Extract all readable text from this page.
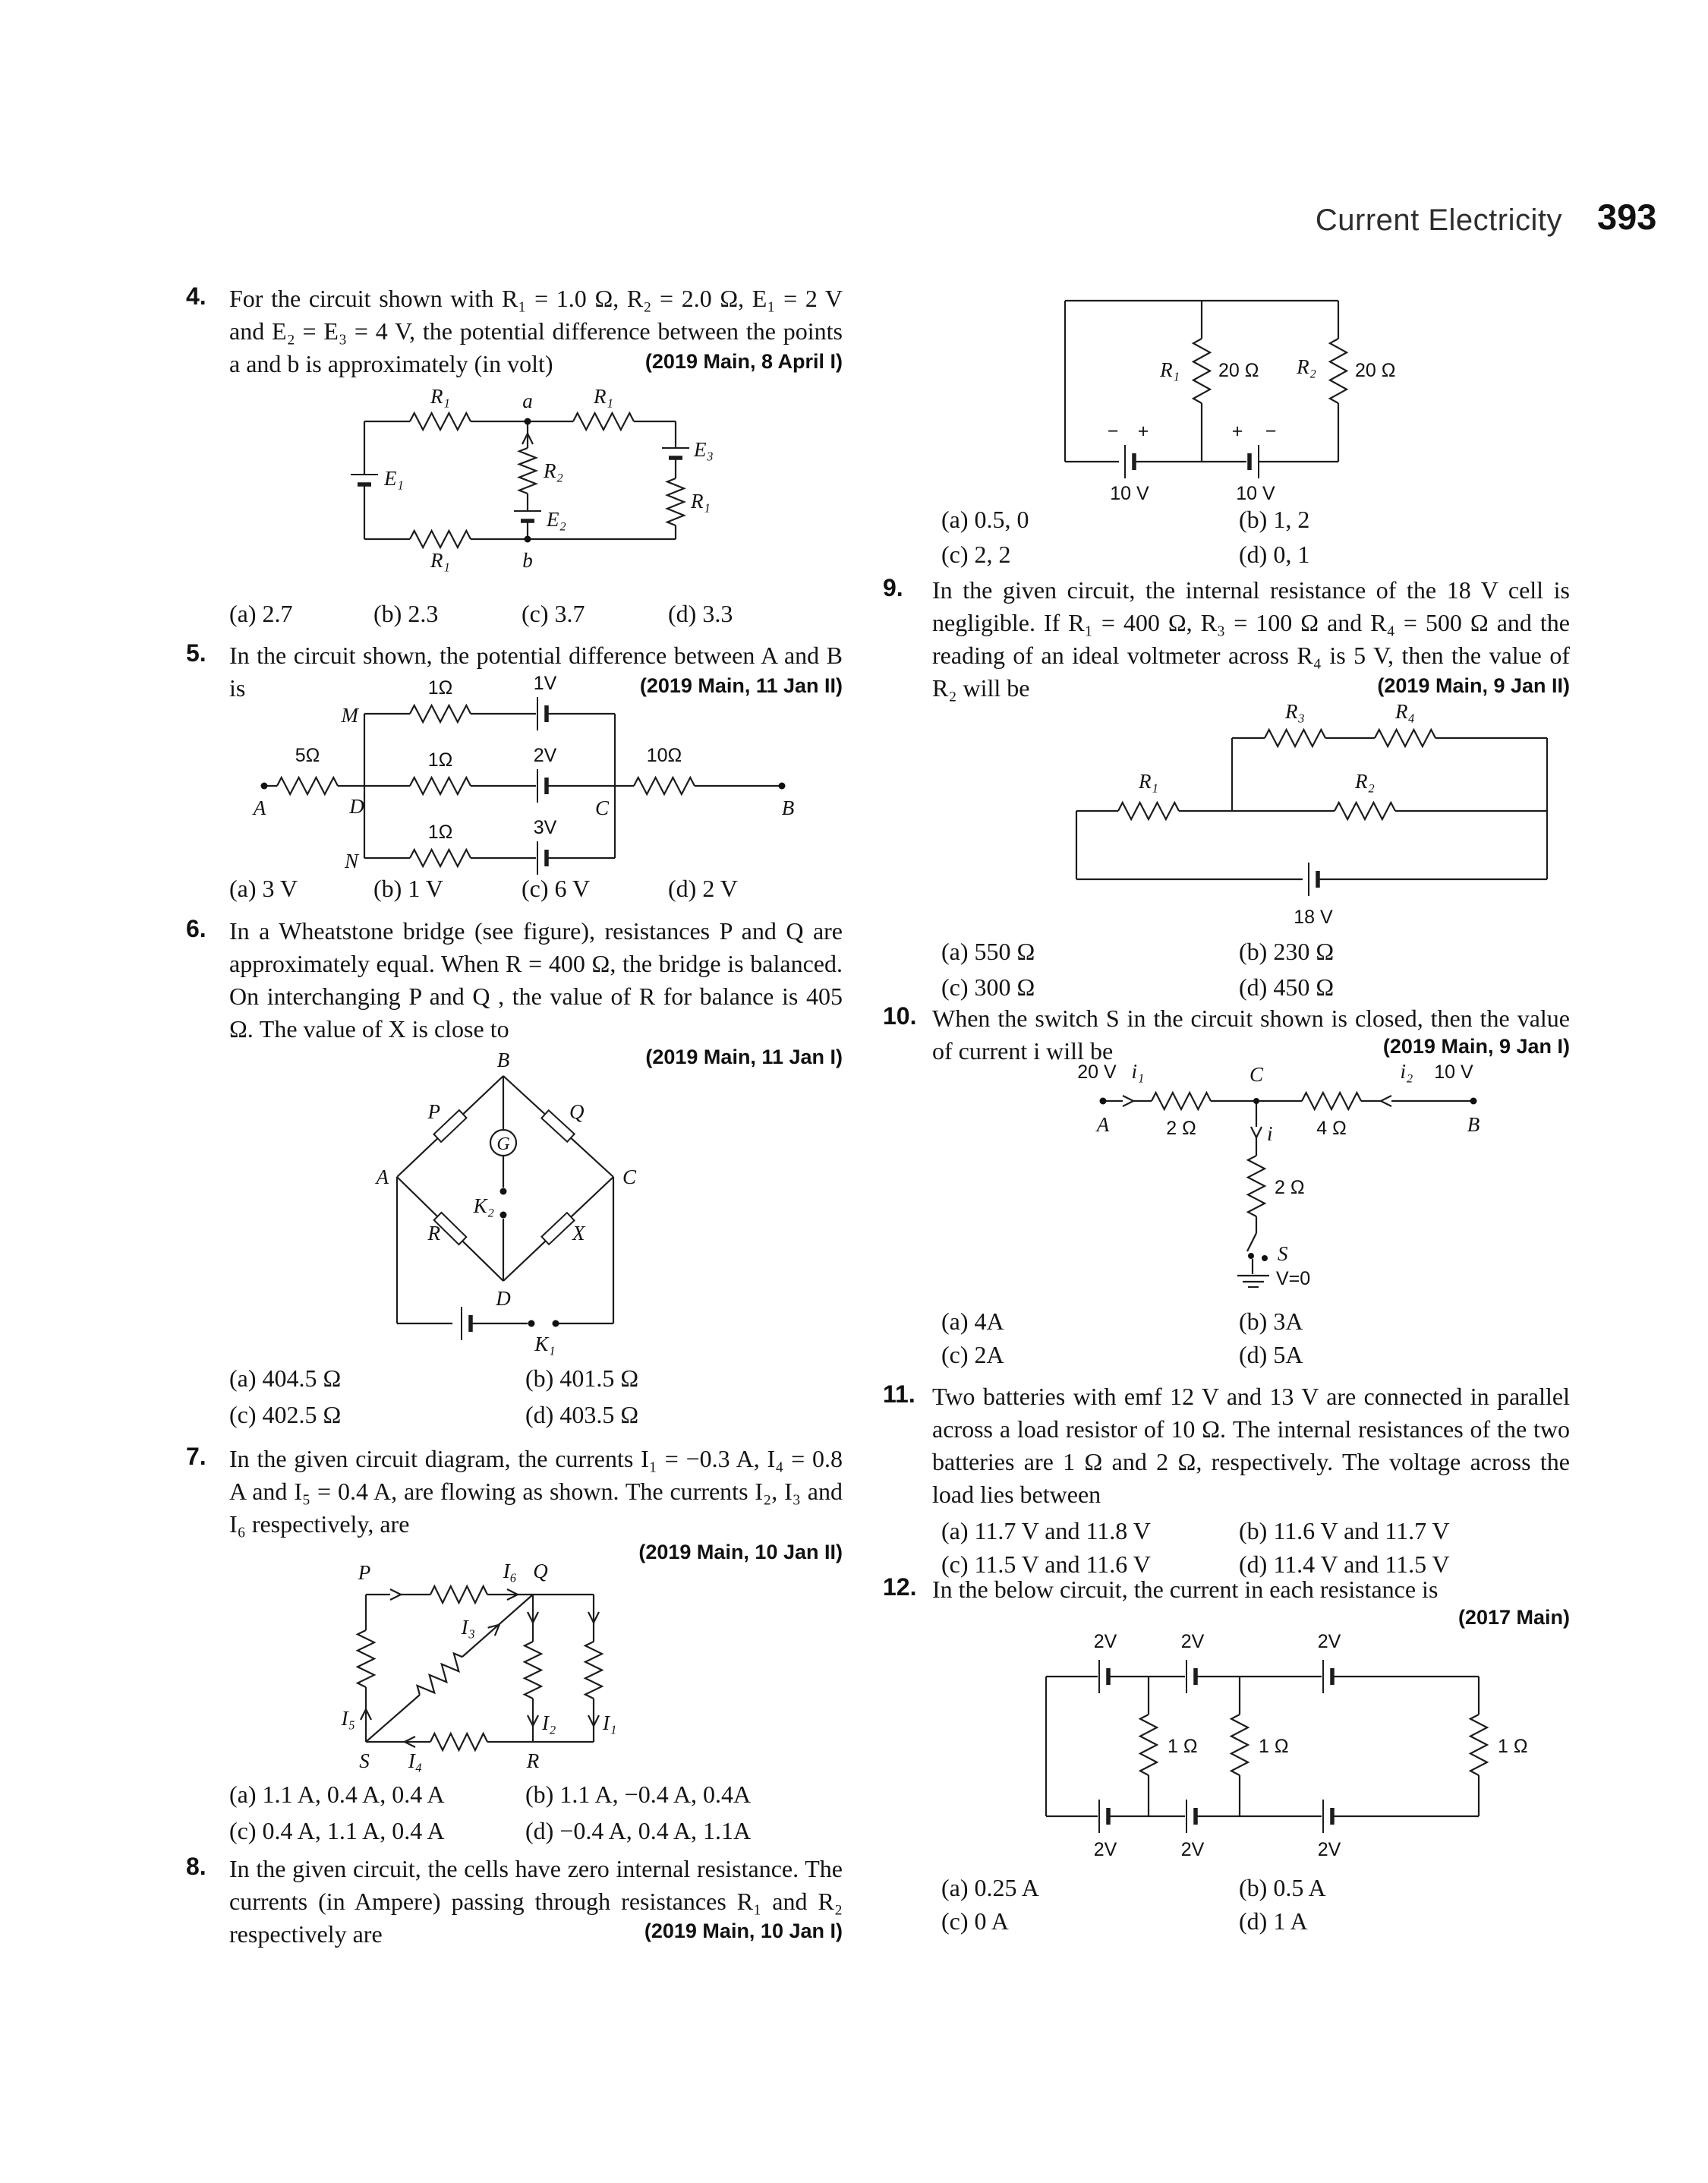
Current Electricity 393
4. For the circuit shown with R₁ = 1.0 Ω, R₂ = 2.0 Ω, E₁ = 2 V and E₂ = E₃ = 4 V, the potential difference between the points a and b is approximately (in volt)	(2019 Main, 8 April I)
R₁	a	R₁
E₃
E₁	R₂
R₁
E₂
R₁	b
(a) 2.7	(b) 2.3	(c) 3.7	(d) 3.3
5. In the circuit shown, the potential difference between A and B is	(2019 Main, 11 Jan II)
5Ω
A	D
M
N
1Ω
1Ω
1Ω
1V
2V
3V
C
10Ω
B
(a) 3 V	(b) 1 V	(c) 6 V	(d) 2 V
6. In a Wheatstone bridge (see figure), resistances P and Q are approximately equal. When R = 400 Ω, the bridge is balanced. On interchanging P and Q , the value of R for balance is 405 Ω. The value of X is close to
(2019 Main, 11 Jan I)
B
A	C
D
P	Q
R	X
G
K₂
K₁
(a) 404.5 Ω	(b) 401.5 Ω
(c) 402.5 Ω	(d) 403.5 Ω
7. In the given circuit diagram, the currents I₁ = −0.3 A, I₄ = 0.8 A and I₅ = 0.4 A, are flowing as shown. The currents I₂, I₃ and I₆ respectively, are
(2019 Main, 10 Jan II)
P	I₆ Q
I₅
I₃
I₂ I₁
I₄
S	R
(a) 1.1 A, 0.4 A, 0.4 A	(b) 1.1 A, −0.4 A, 0.4A
(c) 0.4 A, 1.1 A, 0.4 A	(d) −0.4 A, 0.4 A, 1.1A
8. In the given circuit, the cells have zero internal resistance. The currents (in Ampere) passing through resistances R₁ and R₂ respectively are	(2019 Main, 10 Jan I)
R₁ 20 Ω R₂ 20 Ω
− +	+ −
10 V	10 V
(a) 0.5, 0	(b) 1, 2
(c) 2, 2	(d) 0, 1
9. In the given circuit, the internal resistance of the 18 V cell is negligible. If R₁ = 400 Ω, R₃ = 100 Ω and R₄ = 500 Ω and the reading of an ideal voltmeter across R₄ is 5 V, then the value of R₂ will be	(2019 Main, 9 Jan II)
R₁	R₂
R₃	R₄
18 V
(a) 550 Ω	(b) 230 Ω
(c) 300 Ω	(d) 450 Ω
10. When the switch S in the circuit shown is closed, then the value of current i will be	(2019 Main, 9 Jan I)
20 V i₁	C	i₂ 10 V
A	B
2 Ω	4 Ω
i
2 Ω
S
V=0
(a) 4A	(b) 3A
(c) 2A	(d) 5A
11. Two batteries with emf 12 V and 13 V are connected in parallel across a load resistor of 10 Ω. The internal resistances of the two batteries are 1 Ω and 2 Ω, respectively. The voltage across the load lies between
(a) 11.7 V and 11.8 V	(b) 11.6 V and 11.7 V
(c) 11.5 V and 11.6 V	(d) 11.4 V and 11.5 V
12. In the below circuit, the current in each resistance is
(2017 Main)
2V	2V	2V
1 Ω	1 Ω	1 Ω
2V	2V	2V
(a) 0.25 A	(b) 0.5 A
(c) 0 A	(d) 1 A
